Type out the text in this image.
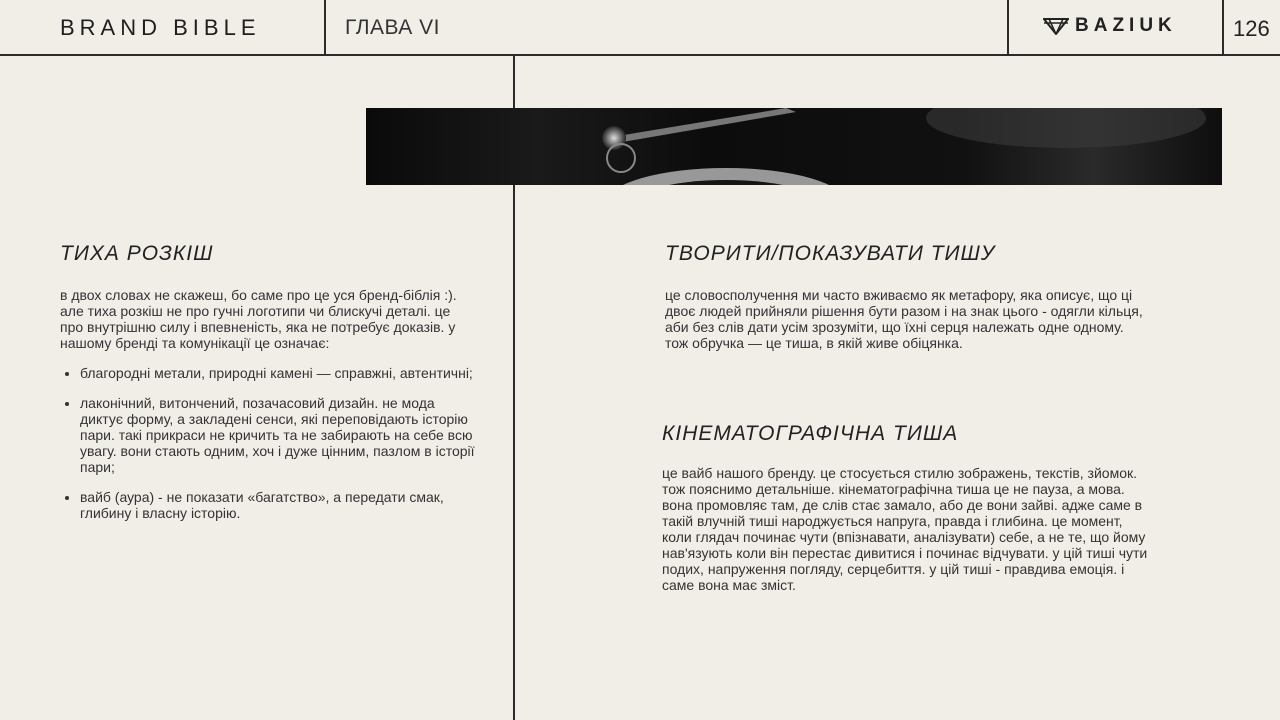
BRAND BIBLE	ГЛАВА VI	BAZIUK	126
ТИХА РОЗКІШ

в двох словах не скажеш, бо саме про це уся бренд-біблія :). але тиха розкіш не про гучні логотипи чи блискучі деталі. це про внутрішню силу і впевненість, яка не потребує доказів. у нашому бренді та комунікації це означає:

• благородні метали, природні камені — справжні, автентичні;
• лаконічний, витончений, позачасовий дизайн. не мода диктує форму, а закладені сенси, які переповідають історію пари. такі прикраси не кричить та не забирають на себе всю увагу. вони стають одним, хоч і дуже цінним, пазлом в історії пари;
• вайб (аура) - не показати «багатство», а передати смак, глибину і власну історію.
ТВОРИТИ/ПОКАЗУВАТИ ТИШУ

це словосполучення ми часто вживаємо як метафору, яка описує, що ці двоє людей прийняли рішення бути разом і на знак цього - одягли кільця, аби без слів дати усім зрозуміти, що їхні серця належать одне одному. тож обручка — це тиша, в якій живе обіцянка.

КІНЕМАТОГРАФІЧНА ТИША

це вайб нашого бренду. це стосується стилю зображень, текстів, зйомок. тож пояснимо детальніше. кінематографічна тиша це не пауза, а мова. вона промовляє там, де слів стає замало, або де вони зайві. адже саме в такій влучній тиші народжується напруга, правда і глибина. це момент, коли глядач починає чути (впізнавати, аналізувати) себе, а не те, що йому нав'язують коли він перестає дивитися і починає відчувати. у цій тиші чути подих, напруження погляду, серцебиття. у цій тиші - правдива емоція. і саме вона має зміст.
